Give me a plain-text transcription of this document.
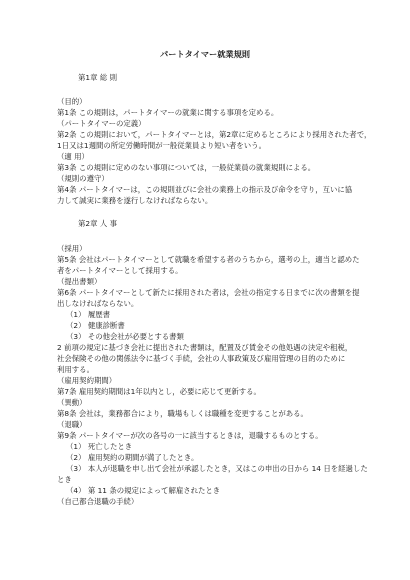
パートタイマー就業規則
第1章 総 則
（目的）
第1条 この規則は，パートタイマーの就業に関する事項を定める。
（パートタイマーの定義）
第2条 この規則において，パートタイマーとは，第2章に定めるところにより採用された者で，
1日又は1週間の所定労働時間が一般従業員より短い者をいう。
（適 用）
第3条 この規則に定めのない事項については，一般従業員の就業規則による。
（規則の遵守）
第4条 パートタイマーは，この規則並びに会社の業務上の指示及び命令を守り，互いに協
力して誠実に業務を遂行しなければならない。
第2章 人 事
（採用）
第5条 会社はパートタイマーとして就職を希望する者のうちから，選考の上，適当と認めた
者をパートタイマーとして採用する。
（提出書類）
第6条 パートタイマーとして新たに採用された者は，会社の指定する日までに次の書類を提
出しなければならない。
（1） 履歴書
（2） 健康診断書
（3） その他会社が必要とする書類
2 前項の規定に基づき会社に提出された書類は，配置及び賃金その他処遇の決定や租税，
社会保険その他の関係法令に基づく手続，会社の人事政策及び雇用管理の目的のために
利用する。
（雇用契約期間）
第7条 雇用契約期間は1年以内とし，必要に応じて更新する。
（異動）
第8条 会社は，業務都合により，職場もしくは職種を変更することがある。
（退職）
第9条 パートタイマーが次の各号の一に該当するときは，退職するものとする。
（1） 死亡したとき
（2） 雇用契約の期間が満了したとき。
（3） 本人が退職を申し出て会社が承認したとき，又はこの申出の日から 14 日を経過した
とき
（4） 第 11 条の規定によって解雇されたとき
（自己都合退職の手続）
